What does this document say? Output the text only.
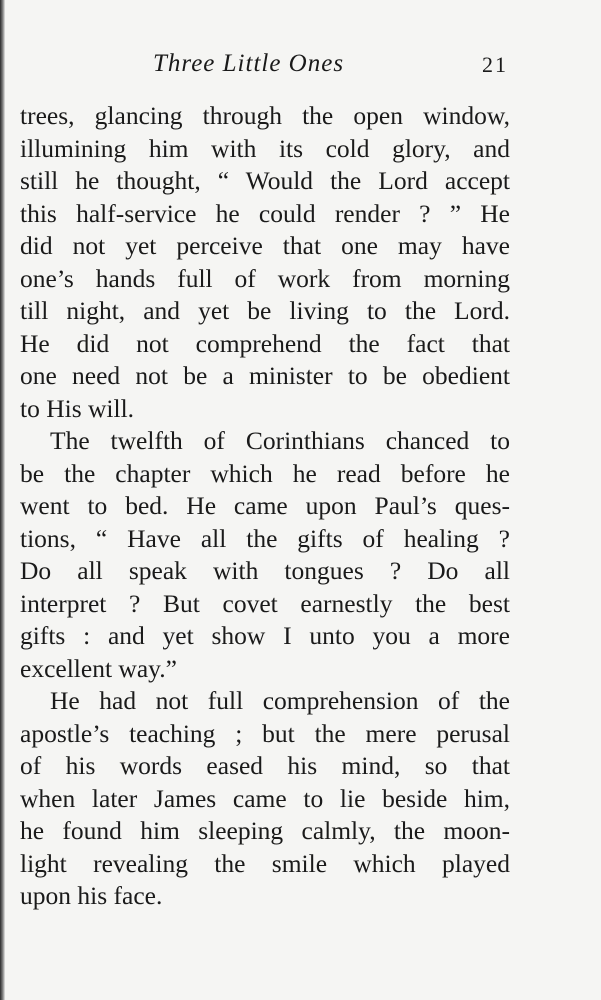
Three Little Ones	21
trees, glancing through the open window,
illumining him with its cold glory, and
still he thought, “ Would the Lord accept
this half-service he could render ? ” He
did not yet perceive that one may have
one’s hands full of work from morning
till night, and yet be living to the Lord.
He did not comprehend the fact that
one need not be a minister to be obedient
to His will.
The twelfth of Corinthians chanced to
be the chapter which he read before he
went to bed. He came upon Paul’s ques-
tions, “ Have all the gifts of healing ?
Do all speak with tongues ? Do all
interpret ? But covet earnestly the best
gifts : and yet show I unto you a more
excellent way.”
He had not full comprehension of the
apostle’s teaching ; but the mere perusal
of his words eased his mind, so that
when later James came to lie beside him,
he found him sleeping calmly, the moon-
light revealing the smile which played
upon his face.
